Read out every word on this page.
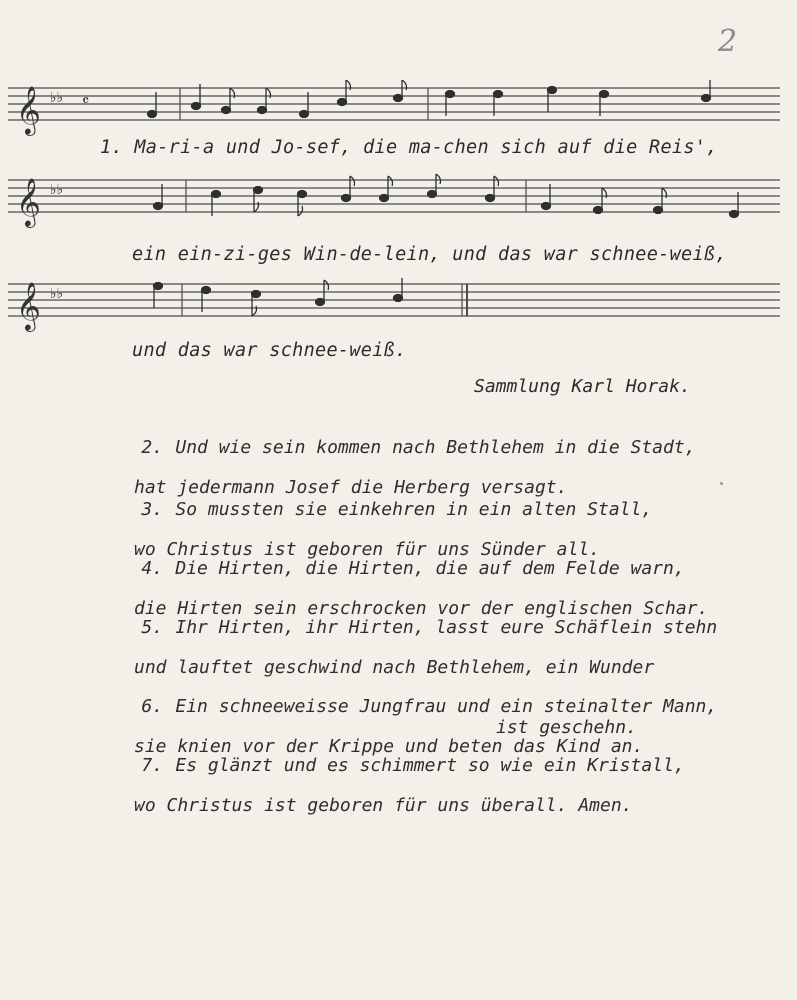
2
𝄞 ♭♭ 𝄴
1. Ma-ri-a und Jo-sef, die ma-chen sich auf die Reis',
𝄞 ♭♭
ein ein-zi-ges Win-de-lein, und das war schnee-weiß,
𝄞 ♭♭
und das war schnee-weiß.
Sammlung Karl Horak.

2. Und wie sein kommen nach Bethlehem in die Stadt,

hat jedermann Josef die Herberg versagt.

3. So mussten sie einkehren in ein alten Stall,

wo Christus ist geboren für uns Sünder all.

4. Die Hirten, die Hirten, die auf dem Felde warn,

die Hirten sein erschrocken vor der englischen Schar.

5. Ihr Hirten, ihr Hirten, lasst eure Schäflein stehn

und lauftet geschwind nach Bethlehem, ein Wunder

ist geschehn.

6. Ein schneeweisse Jungfrau und ein steinalter Mann,

sie knien vor der Krippe und beten das Kind an.

7. Es glänzt und es schimmert so wie ein Kristall,

wo Christus ist geboren für uns überall. Amen.
